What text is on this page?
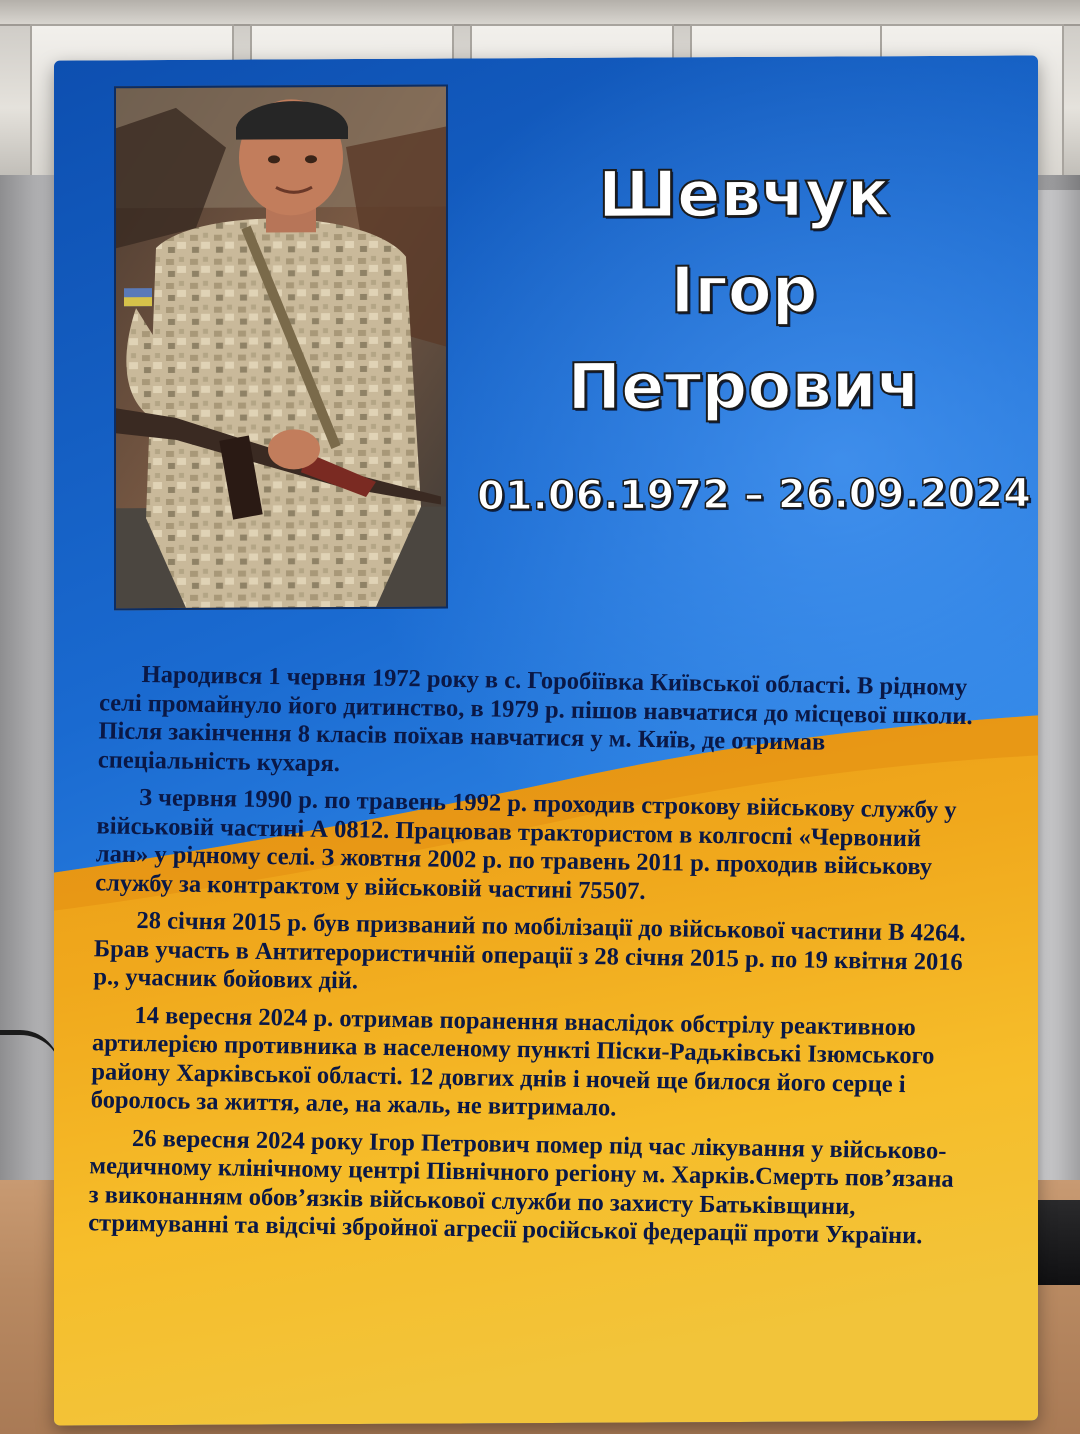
Шевчук
Ігор
Петрович
01.06.1972 – 26.09.2024

Народився 1 червня 1972 року в с. Горобіївка Київської області. В рідному селі промайнуло його дитинство, в 1979 р. пішов навчатися до місцевої школи. Після закінчення 8 класів поїхав навчатися у м. Київ, де отримав спеціальність кухаря.

З червня 1990 р. по травень 1992 р. проходив строкову військову службу у військовій частині А 0812. Працював трактористом в колгоспі «Червоний лан» у рідному селі. З жовтня 2002 р. по травень 2011 р. проходив військову службу за контрактом у військовій частині 75507.

28 січня 2015 р. був призваний по мобілізації до військової частини В 4264. Брав участь в Антитерористичній операції з 28 січня 2015 р. по 19 квітня 2016 р., учасник бойових дій.

14 вересня 2024 р. отримав поранення внаслідок обстрілу реактивною артилерією противника в населеному пункті Піски-Радьківські Ізюмського району Харківської області. 12 довгих днів і ночей ще билося його серце і боролось за життя, але, на жаль, не витримало.

26 вересня 2024 року Ігор Петрович помер під час лікування у військово-медичному клінічному центрі Північного регіону м. Харків.Смерть пов’язана з виконанням обов’язків військової служби по захисту Батьківщини, стримуванні та відсічі збройної агресії російської федерації проти України.
